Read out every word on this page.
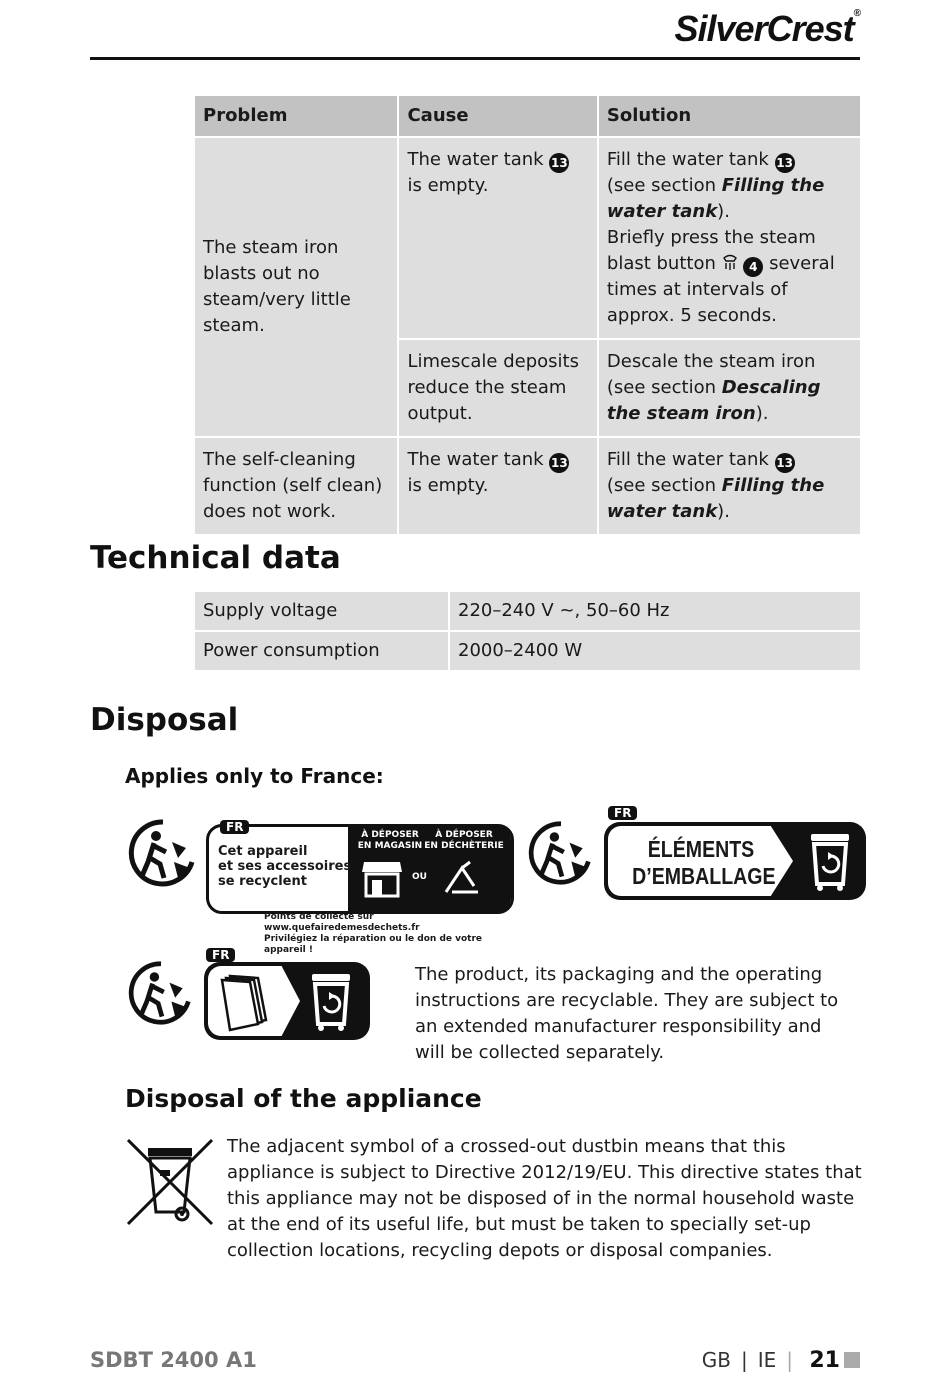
SilverCrest®
Problem	Cause	Solution
The steam iron blasts out no steam/very little steam.	The water tank 13 is empty.	Fill the water tank 13
(see section Filling the water tank).
Briefly press the steam blast button 4 several times at intervals of approx. 5 seconds.
	Limescale deposits reduce the steam output.	Descale the steam iron (see section Descaling the steam iron).
The self-cleaning function (self clean) does not work.	The water tank 13 is empty.	Fill the water tank 13
(see section Filling the water tank).
Technical data
Supply voltage	220–240 V ~, 50–60 Hz
Power consumption	2000–2400 W
Disposal
Applies only to France:
FR
Cet appareil
et ses accessoires
se recyclent
À DÉPOSER
EN MAGASIN
À DÉPOSER
EN DÉCHÈTERIE
OU
Points de collecte sur www.quefairedemesdechets.fr
Privilégiez la réparation ou le don de votre appareil !
FR
ÉLÉMENTS
D’EMBALLAGE
FR

The product, its packaging and the operating instructions are recyclable. They are subject to an extended manufacturer responsibility and will be collected separately.

Disposal of the appliance

The adjacent symbol of a crossed-out dustbin means that this appliance is subject to Directive 2012/19/EU. This directive states that this appliance may not be disposed of in the normal household waste at the end of its useful life, but must be taken to specially set-up collection locations, recycling depots or disposal companies.

SDBT 2400 A1	GB | IE | 21
